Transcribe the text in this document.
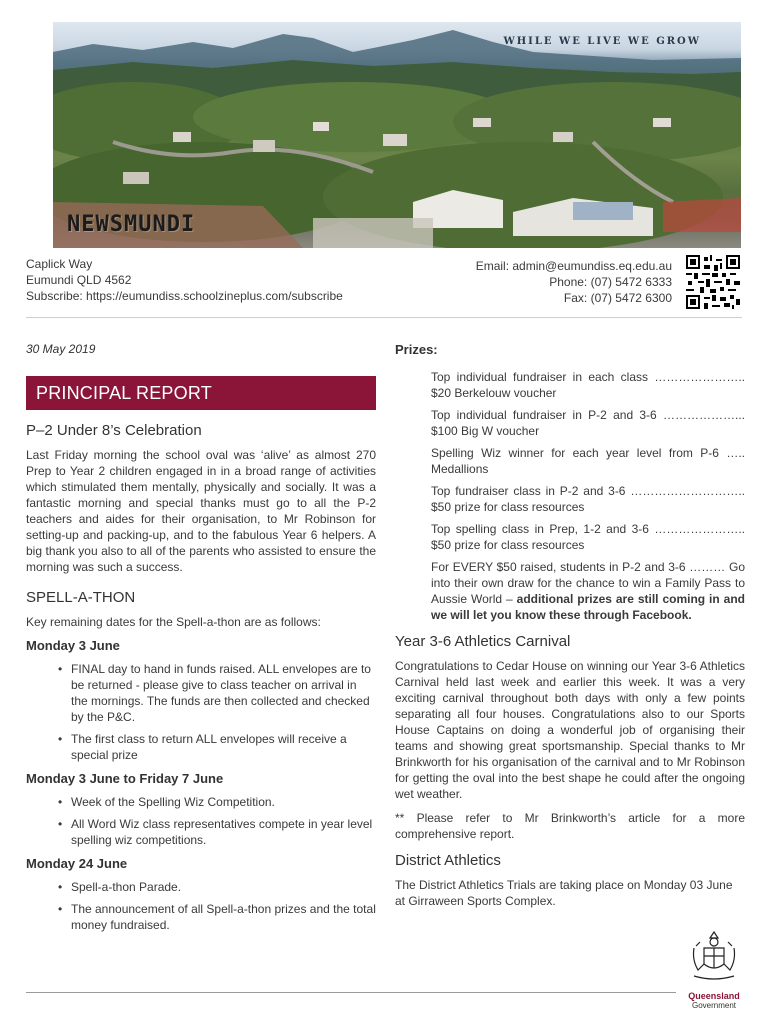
WHILE WE LIVE WE GROW
NEWSMUNDI
Caplick Way
Eumundi QLD 4562
Subscribe: https://eumundiss.schoolzineplus.com/subscribe
Email: admin@eumundiss.eq.edu.au
Phone: (07) 5472 6333
Fax: (07) 5472 6300
30 May 2019
PRINCIPAL REPORT
P–2 Under 8’s Celebration

Last Friday morning the school oval was ‘alive’ as almost 270 Prep to Year 2 children engaged in in a broad range of activities which stimulated them mentally, physically and socially. It was a fantastic morning and special thanks must go to all the P-2 teachers and aides for their organisation, to Mr Robinson for setting-up and packing-up, and to the fabulous Year 6 helpers. A big thank you also to all of the parents who assisted to ensure the morning was such a success.

SPELL-A-THON

Key remaining dates for the Spell-a-thon are as follows:

Monday 3 June
• FINAL day to hand in funds raised. ALL envelopes are to be returned - please give to class teacher on arrival in the mornings. The funds are then collected and checked by the P&C.
• The first class to return ALL envelopes will receive a special prize
Monday 3 June to Friday 7 June
• Week of the Spelling Wiz Competition.
• All Word Wiz class representatives compete in year level spelling wiz competitions.
Monday 24 June
• Spell-a-thon Parade.
• The announcement of all Spell-a-thon prizes and the total money fundraised.
Prizes:
Top individual fundraiser in each class ………………….. $20 Berkelouw voucher
Top individual fundraiser in P-2 and 3-6 ………………... $100 Big W voucher
Spelling Wiz winner for each year level from P-6 ….. Medallions
Top fundraiser class in P-2 and 3-6 ……………………….. $50 prize for class resources
Top spelling class in Prep, 1-2 and 3-6 ………………….. $50 prize for class resources
For EVERY $50 raised, students in P-2 and 3-6 ……… Go into their own draw for the chance to win a Family Pass to Aussie World – additional prizes are still coming in and we will let you know these through Facebook.
Year 3-6 Athletics Carnival

Congratulations to Cedar House on winning our Year 3-6 Athletics Carnival held last week and earlier this week. It was a very exciting carnival throughout both days with only a few points separating all four houses. Congratulations also to our Sports House Captains on doing a wonderful job of organising their teams and showing great sportsmanship. Special thanks to Mr Brinkworth for his organisation of the carnival and to Mr Robinson for getting the oval into the best shape he could after the ongoing wet weather.

** Please refer to Mr Brinkworth’s article for a more comprehensive report.

District Athletics

The District Athletics Trials are taking place on Monday 03 June at Girraween Sports Complex.

Queensland
Government
